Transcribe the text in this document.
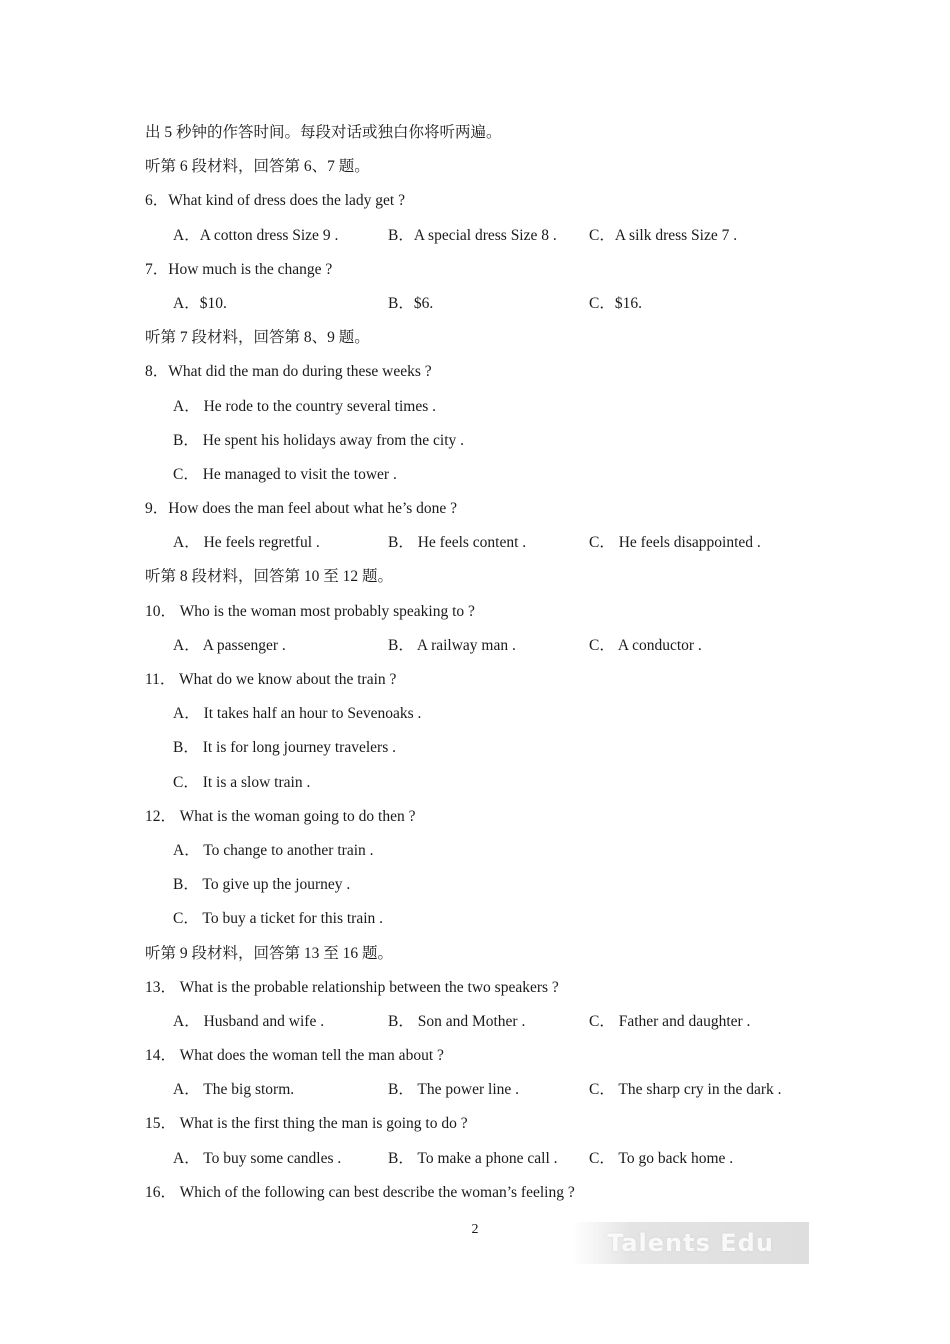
出 5 秒钟的作答时间。每段对话或独白你将听两遍。
听第 6 段材料，回答第 6、7 题。
6．What kind of dress does the lady get ?
A．A cotton dress Size 9 .	B．A special dress Size 8 . C．A silk dress Size 7 .
7．How much is the change ?
A．$10.	B．$6.	C．$16.
听第 7 段材料，回答第 8、9 题。
8．What did the man do during these weeks ?
A． He rode to the country several times .
B． He spent his holidays away from the city .
C． He managed to visit the tower .
9．How does the man feel about what he’s done ?
A． He feels regretful .	B． He feels content .	C． He feels disappointed .
听第 8 段材料，回答第 10 至 12 题。
10． Who is the woman most probably speaking to ?
A． A passenger .	B． A railway man .	C． A conductor .
11． What do we know about the train ?
A． It takes half an hour to Sevenoaks .
B． It is for long journey travelers .
C． It is a slow train .
12． What is the woman going to do then ?
A． To change to another train .
B． To give up the journey .
C． To buy a ticket for this train .
听第 9 段材料，回答第 13 至 16 题。
13． What is the probable relationship between the two speakers ?
A． Husband and wife .	B． Son and Mother .	C． Father and daughter .
14． What does the woman tell the man about ?
A． The big storm.	B． The power line .	C． The sharp cry in the dark .
15． What is the first thing the man is going to do ?
A． To buy some candles .	B． To make a phone call . C． To go back home .
16． Which of the following can best describe the woman’s feeling ?
2	Talents Edu
